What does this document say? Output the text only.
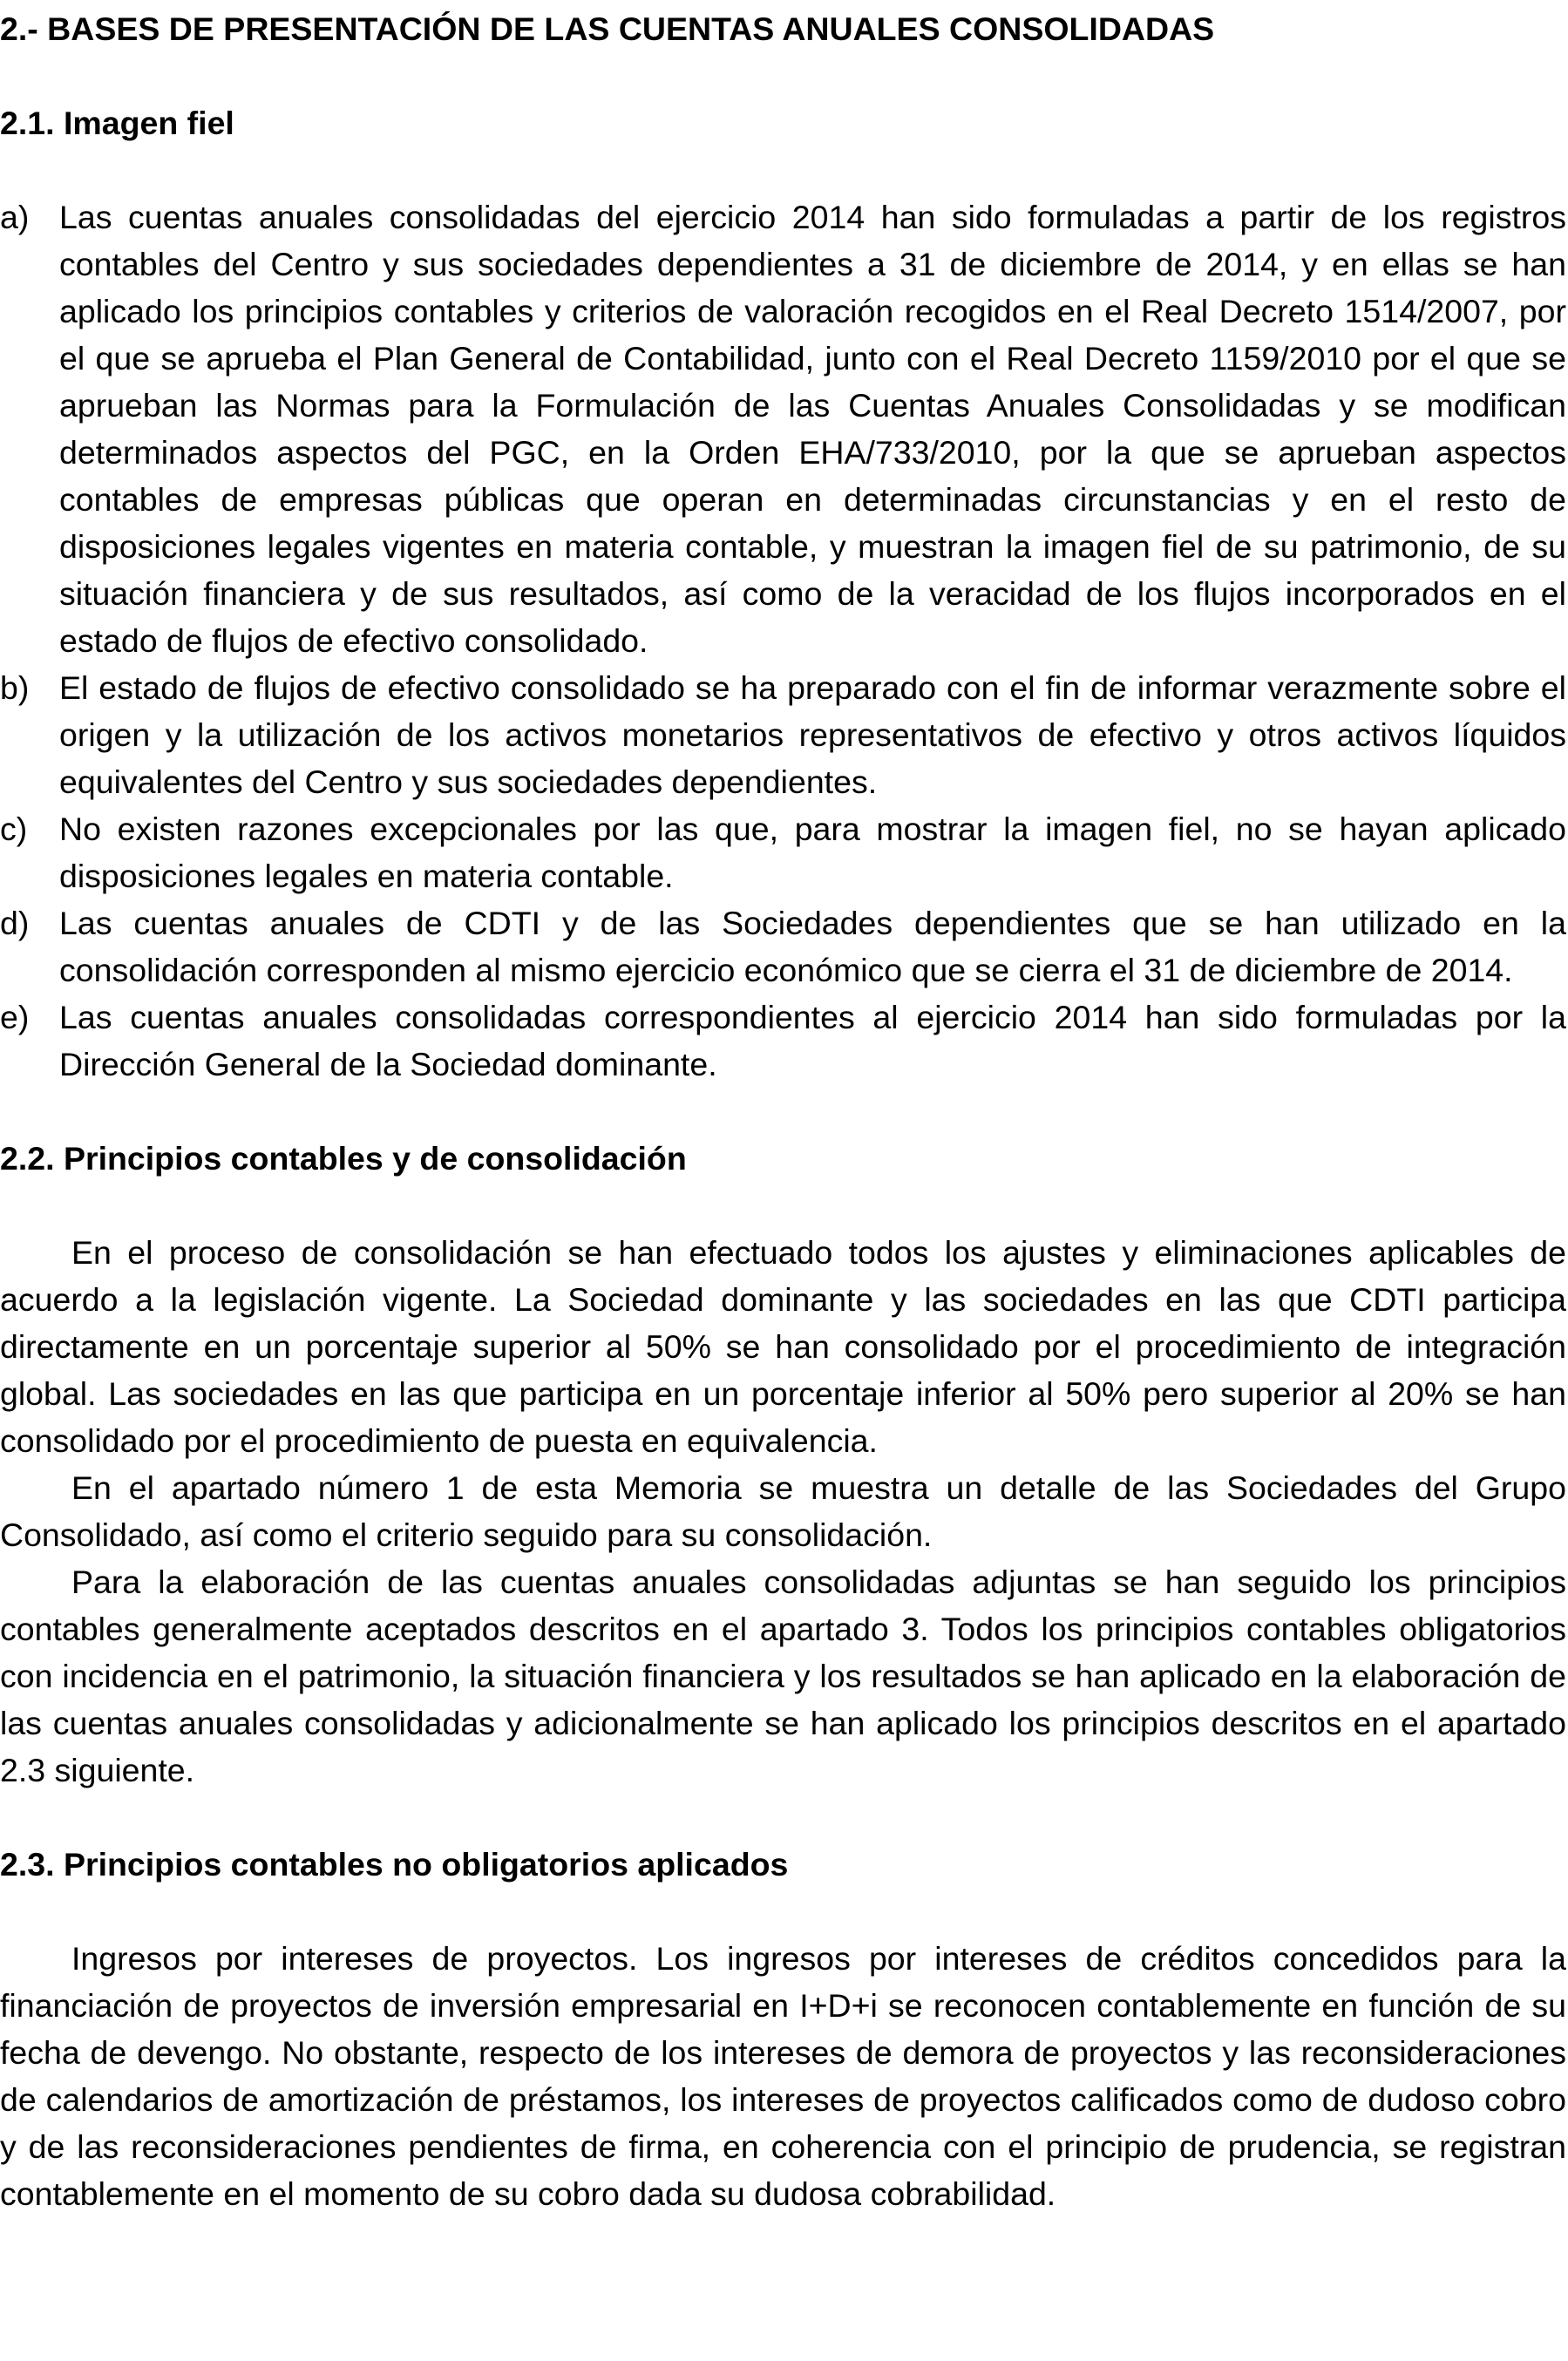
2.- BASES DE PRESENTACIÓN DE LAS CUENTAS ANUALES CONSOLIDADAS
2.1. Imagen fiel
a) Las cuentas anuales consolidadas del ejercicio 2014 han sido formuladas a partir de los registros contables del Centro y sus sociedades dependientes a 31 de diciembre de 2014, y en ellas se han aplicado los principios contables y criterios de valoración recogidos en el Real Decreto 1514/2007, por el que se aprueba el Plan General de Contabilidad, junto con el Real Decreto 1159/2010 por el que se aprueban las Normas para la Formulación de las Cuentas Anuales Consolidadas y se modifican determinados aspectos del PGC, en la Orden EHA/733/2010, por la que se aprueban aspectos contables de empresas públicas que operan en determinadas circunstancias y en el resto de disposiciones legales vigentes en materia contable, y muestran la imagen fiel de su patrimonio, de su situación financiera y de sus resultados, así como de la veracidad de los flujos incorporados en el estado de flujos de efectivo consolidado.
b) El estado de flujos de efectivo consolidado se ha preparado con el fin de informar verazmente sobre el origen y la utilización de los activos monetarios representativos de efectivo y otros activos líquidos equivalentes del Centro y sus sociedades dependientes.
c) No existen razones excepcionales por las que, para mostrar la imagen fiel, no se hayan aplicado disposiciones legales en materia contable.
d) Las cuentas anuales de CDTI y de las Sociedades dependientes que se han utilizado en la consolidación corresponden al mismo ejercicio económico que se cierra el 31 de diciembre de 2014.
e) Las cuentas anuales consolidadas correspondientes al ejercicio 2014 han sido formuladas por la Dirección General de la Sociedad dominante.
2.2. Principios contables y de consolidación

En el proceso de consolidación se han efectuado todos los ajustes y eliminaciones aplicables de acuerdo a la legislación vigente. La Sociedad dominante y las sociedades en las que CDTI participa directamente en un porcentaje superior al 50% se han consolidado por el procedimiento de integración global. Las sociedades en las que participa en un porcentaje inferior al 50% pero superior al 20% se han consolidado por el procedimiento de puesta en equivalencia.

En el apartado número 1 de esta Memoria se muestra un detalle de las Sociedades del Grupo Consolidado, así como el criterio seguido para su consolidación.

Para la elaboración de las cuentas anuales consolidadas adjuntas se han seguido los principios contables generalmente aceptados descritos en el apartado 3. Todos los principios contables obligatorios con incidencia en el patrimonio, la situación financiera y los resultados se han aplicado en la elaboración de las cuentas anuales consolidadas y adicionalmente se han aplicado los principios descritos en el apartado 2.3 siguiente.

2.3. Principios contables no obligatorios aplicados

Ingresos por intereses de proyectos. Los ingresos por intereses de créditos concedidos para la financiación de proyectos de inversión empresarial en I+D+i se reconocen contablemente en función de su fecha de devengo. No obstante, respecto de los intereses de demora de proyectos y las reconsideraciones de calendarios de amortización de préstamos, los intereses de proyectos calificados como de dudoso cobro y de las reconsideraciones pendientes de firma, en coherencia con el principio de prudencia, se registran contablemente en el momento de su cobro dada su dudosa cobrabilidad.
